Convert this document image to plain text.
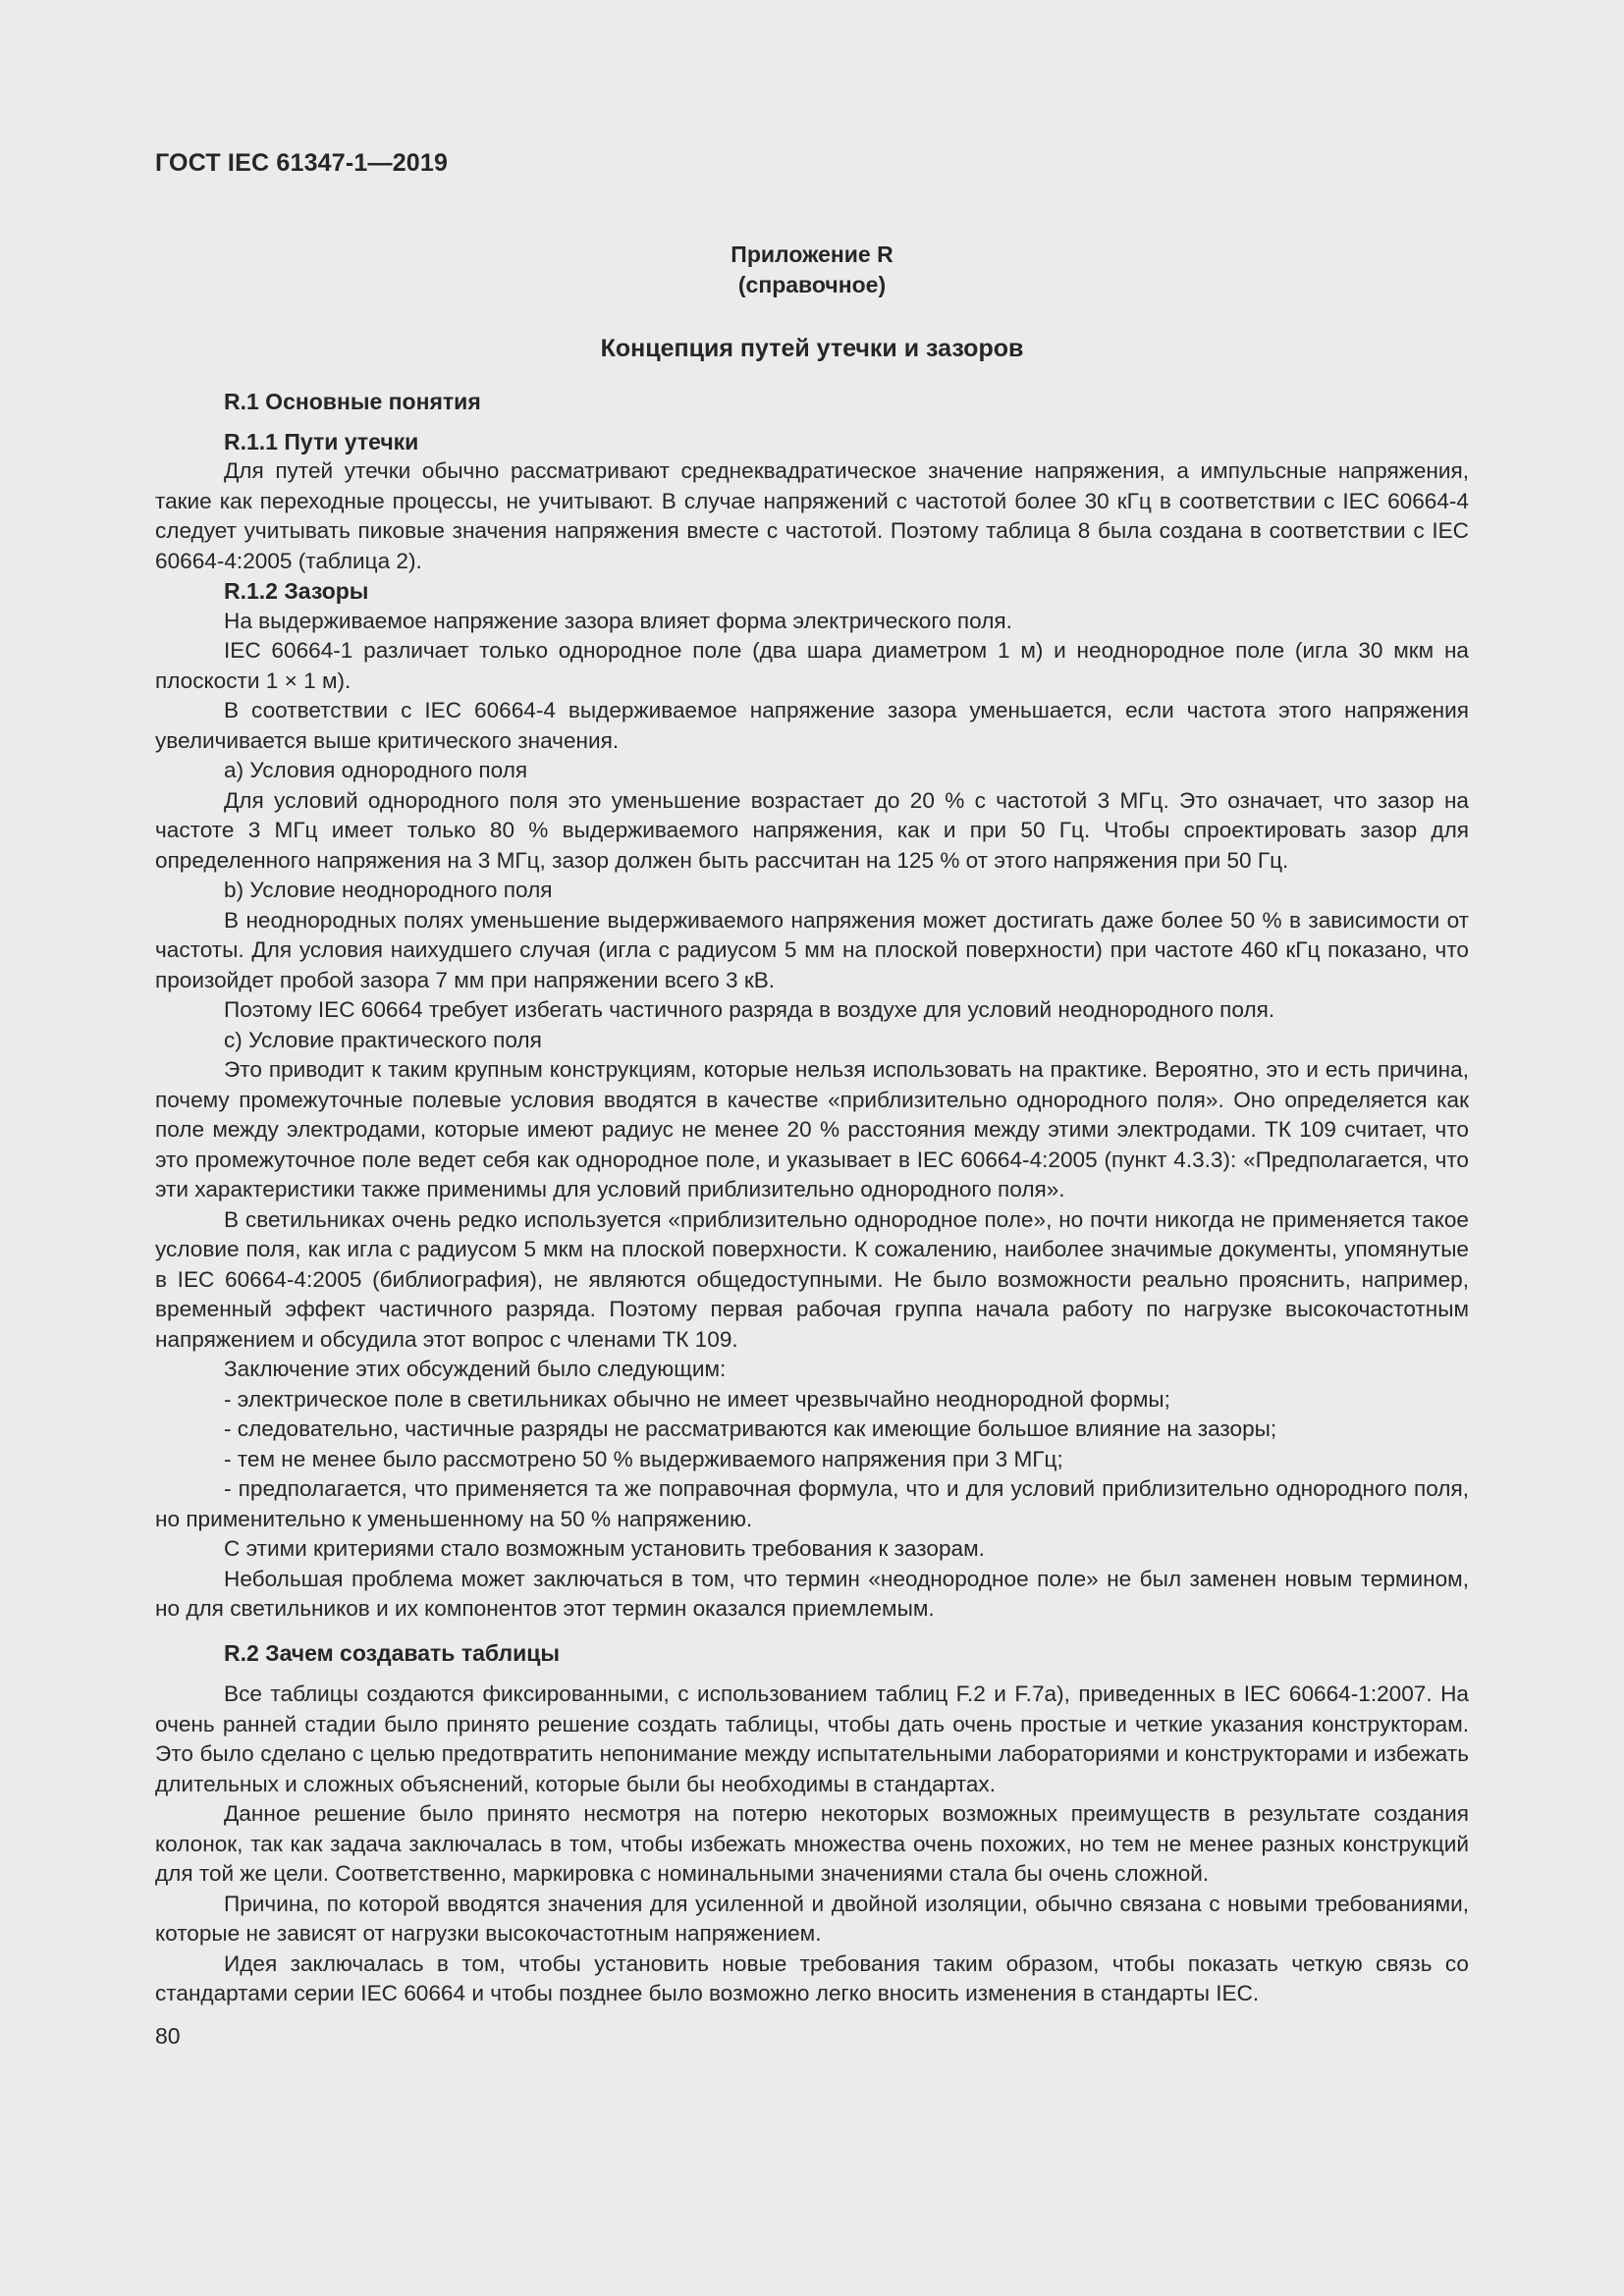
ГОСТ IEC 61347-1—2019
Приложение R
(справочное)
Концепция путей утечки и зазоров
R.1 Основные понятия
R.1.1 Пути утечки

Для путей утечки обычно рассматривают среднеквадратическое значение напряжения, а импульсные напряжения, такие как переходные процессы, не учитывают. В случае напряжений с частотой более 30 кГц в соответствии с IEC 60664-4 следует учитывать пиковые значения напряжения вместе с частотой. Поэтому таблица 8 была создана в соответствии с IEC 60664-4:2005 (таблица 2).

R.1.2 Зазоры

На выдерживаемое напряжение зазора влияет форма электрического поля.

IEC 60664-1 различает только однородное поле (два шара диаметром 1 м) и неоднородное поле (игла 30 мкм на плоскости 1 × 1 м).

В соответствии с IEC 60664-4 выдерживаемое напряжение зазора уменьшается, если частота этого напряжения увеличивается выше критического значения.

a) Условия однородного поля

Для условий однородного поля это уменьшение возрастает до 20 % с частотой 3 МГц. Это означает, что зазор на частоте 3 МГц имеет только 80 % выдерживаемого напряжения, как и при 50 Гц. Чтобы спроектировать зазор для определенного напряжения на 3 МГц, зазор должен быть рассчитан на 125 % от этого напряжения при 50 Гц.

b) Условие неоднородного поля

В неоднородных полях уменьшение выдерживаемого напряжения может достигать даже более 50 % в зависимости от частоты. Для условия наихудшего случая (игла с радиусом 5 мм на плоской поверхности) при частоте 460 кГц показано, что произойдет пробой зазора 7 мм при напряжении всего 3 кВ.

Поэтому IEC 60664 требует избегать частичного разряда в воздухе для условий неоднородного поля.

c) Условие практического поля

Это приводит к таким крупным конструкциям, которые нельзя использовать на практике. Вероятно, это и есть причина, почему промежуточные полевые условия вводятся в качестве «приблизительно однородного поля». Оно определяется как поле между электродами, которые имеют радиус не менее 20 % расстояния между этими электродами. ТК 109 считает, что это промежуточное поле ведет себя как однородное поле, и указывает в IEC 60664-4:2005 (пункт 4.3.3): «Предполагается, что эти характеристики также применимы для условий приблизительно однородного поля».

В светильниках очень редко используется «приблизительно однородное поле», но почти никогда не применяется такое условие поля, как игла с радиусом 5 мкм на плоской поверхности. К сожалению, наиболее значимые документы, упомянутые в IEC 60664-4:2005 (библиография), не являются общедоступными. Не было возможности реально прояснить, например, временный эффект частичного разряда. Поэтому первая рабочая группа начала работу по нагрузке высокочастотным напряжением и обсудила этот вопрос с членами ТК 109.

Заключение этих обсуждений было следующим:

- электрическое поле в светильниках обычно не имеет чрезвычайно неоднородной формы;

- следовательно, частичные разряды не рассматриваются как имеющие большое влияние на зазоры;

- тем не менее было рассмотрено 50 % выдерживаемого напряжения при 3 МГц;

- предполагается, что применяется та же поправочная формула, что и для условий приблизительно однородного поля, но применительно к уменьшенному на 50 % напряжению.

С этими критериями стало возможным установить требования к зазорам.

Небольшая проблема может заключаться в том, что термин «неоднородное поле» не был заменен новым термином, но для светильников и их компонентов этот термин оказался приемлемым.

R.2 Зачем создавать таблицы

Все таблицы создаются фиксированными, с использованием таблиц F.2 и F.7а), приведенных в IEC 60664-1:2007. На очень ранней стадии было принято решение создать таблицы, чтобы дать очень простые и четкие указания конструкторам. Это было сделано с целью предотвратить непонимание между испытательными лабораториями и конструкторами и избежать длительных и сложных объяснений, которые были бы необходимы в стандартах.

Данное решение было принято несмотря на потерю некоторых возможных преимуществ в результате создания колонок, так как задача заключалась в том, чтобы избежать множества очень похожих, но тем не менее разных конструкций для той же цели. Соответственно, маркировка с номинальными значениями стала бы очень сложной.

Причина, по которой вводятся значения для усиленной и двойной изоляции, обычно связана с новыми требованиями, которые не зависят от нагрузки высокочастотным напряжением.

Идея заключалась в том, чтобы установить новые требования таким образом, чтобы показать четкую связь со стандартами серии IEC 60664 и чтобы позднее было возможно легко вносить изменения в стандарты IEC.

80
